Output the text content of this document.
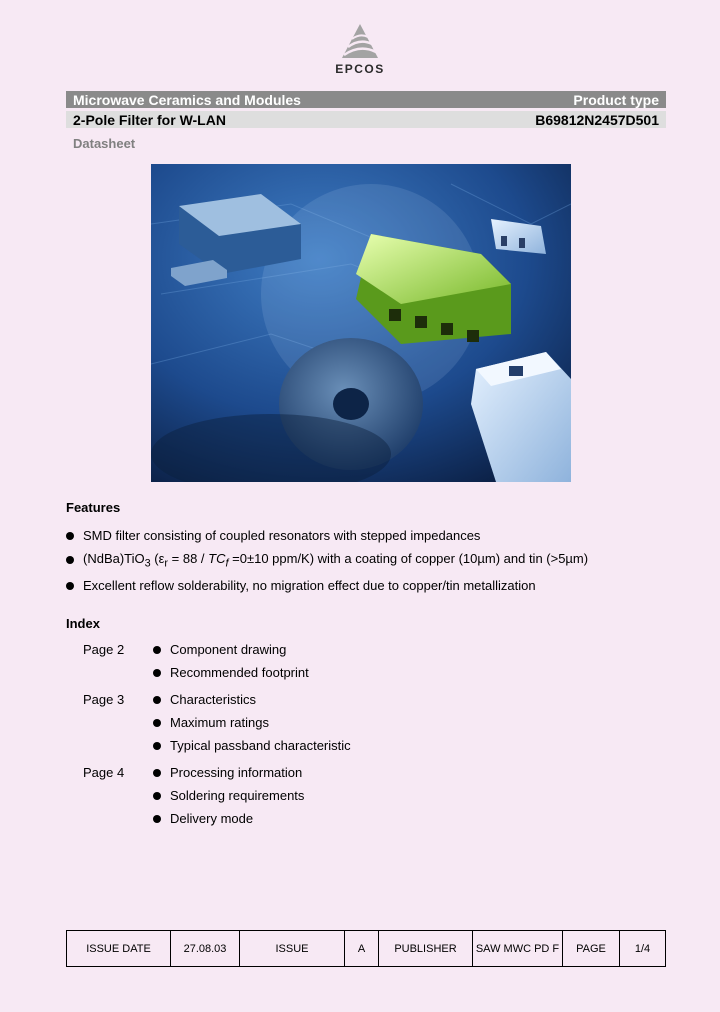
EPCOS
Microwave Ceramics and Modules	Product type
2-Pole Filter for W-LAN	B69812N2457D501
Datasheet
Features
SMD filter consisting of coupled resonators with stepped impedances
(NdBa)TiO$_3$ ($\varepsilon_r = 88 / TC_f =0\pm 10$ ppm/K) with a coating of copper (10µm) and tin (>5µm)
Excellent reflow solderability, no migration effect due to copper/tin metallization
Index
Page 2	Component drawing
Recommended footprint
Page 3	Characteristics
Maximum ratings
Typical passband characteristic
Page 4	Processing information
Soldering requirements
Delivery mode
ISSUE DATE	27.08.03	ISSUE	A	PUBLISHER	SAW MWC PD F	PAGE	1/4
